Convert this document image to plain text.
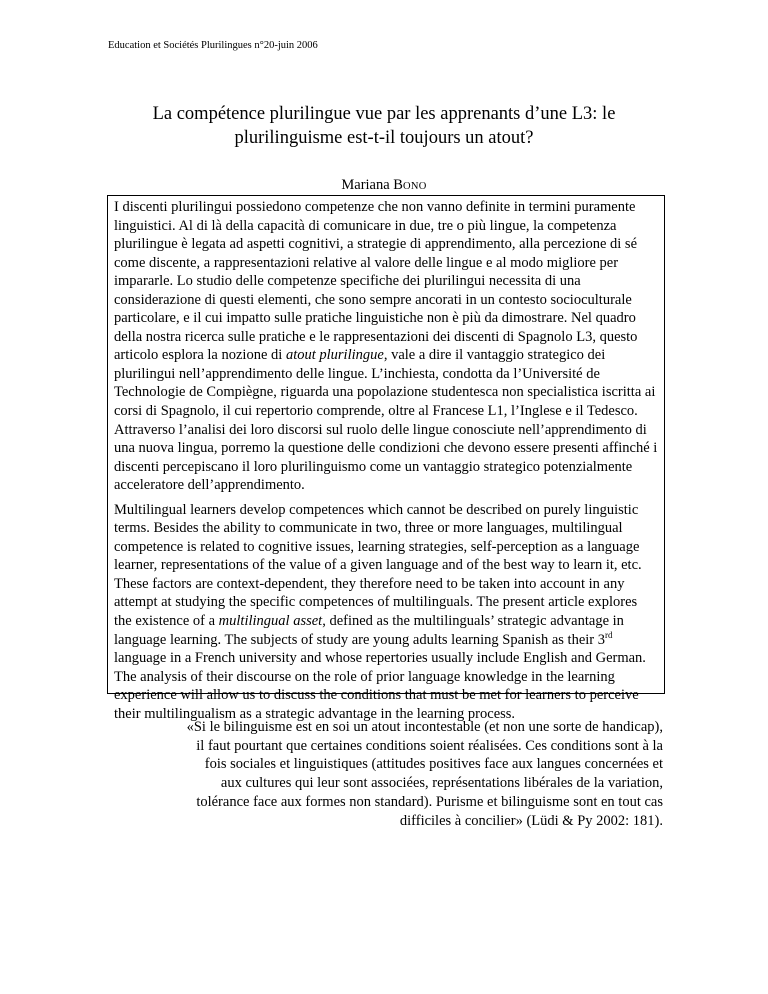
Education et Sociétés Plurilingues n°20-juin 2006
La compétence plurilingue vue par les apprenants d’une L3: le
plurilinguisme est-t-il toujours un atout?
Mariana BONO

I discenti plurilingui possiedono competenze che non vanno definite in termini puramente linguistici. Al di là della capacità di comunicare in due, tre o più lingue, la competenza plurilingue è legata ad aspetti cognitivi, a strategie di apprendimento, alla percezione di sé come discente, a rappresentazioni relative al valore delle lingue e al modo migliore per impararle. Lo studio delle competenze specifiche dei plurilingui necessita di una considerazione di questi elementi, che sono sempre ancorati in un contesto socioculturale particolare, e il cui impatto sulle pratiche linguistiche non è più da dimostrare. Nel quadro della nostra ricerca sulle pratiche e le rappresentazioni dei discenti di Spagnolo L3, questo articolo esplora la nozione di atout plurilingue, vale a dire il vantaggio strategico dei plurilingui nell’apprendimento delle lingue. L’inchiesta, condotta da l’Université de Technologie de Compiègne, riguarda una popolazione studentesca non specialistica iscritta ai corsi di Spagnolo, il cui repertorio comprende, oltre al Francese L1, l’Inglese e il Tedesco. Attraverso l’analisi dei loro discorsi sul ruolo delle lingue conosciute nell’apprendimento di una nuova lingua, porremo la questione delle condizioni che devono essere presenti affinché i discenti percepiscano il loro plurilinguismo come un vantaggio strategico potenzialmente acceleratore dell’apprendimento.

Multilingual learners develop competences which cannot be described on purely linguistic terms. Besides the ability to communicate in two, three or more languages, multilingual competence is related to cognitive issues, learning strategies, self-perception as a language learner, representations of the value of a given language and of the best way to learn it, etc. These factors are context-dependent, they therefore need to be taken into account in any attempt at studying the specific competences of multilinguals. The present article explores the existence of a multilingual asset, defined as the multilinguals’ strategic advantage in language learning. The subjects of study are young adults learning Spanish as their 3rd language in a French university and whose repertories usually include English and German. The analysis of their discourse on the role of prior language knowledge in the learning experience will allow us to discuss the conditions that must be met for learners to perceive their multilingualism as a strategic advantage in the learning process.

«Si le bilinguisme est en soi un atout incontestable (et non une sorte de handicap),
il faut pourtant que certaines conditions soient réalisées. Ces conditions sont à la
fois sociales et linguistiques (attitudes positives face aux langues concernées et
aux cultures qui leur sont associées, représentations libérales de la variation,
tolérance face aux formes non standard). Purisme et bilinguisme sont en tout cas
difficiles à concilier» (Lüdi & Py 2002: 181).
